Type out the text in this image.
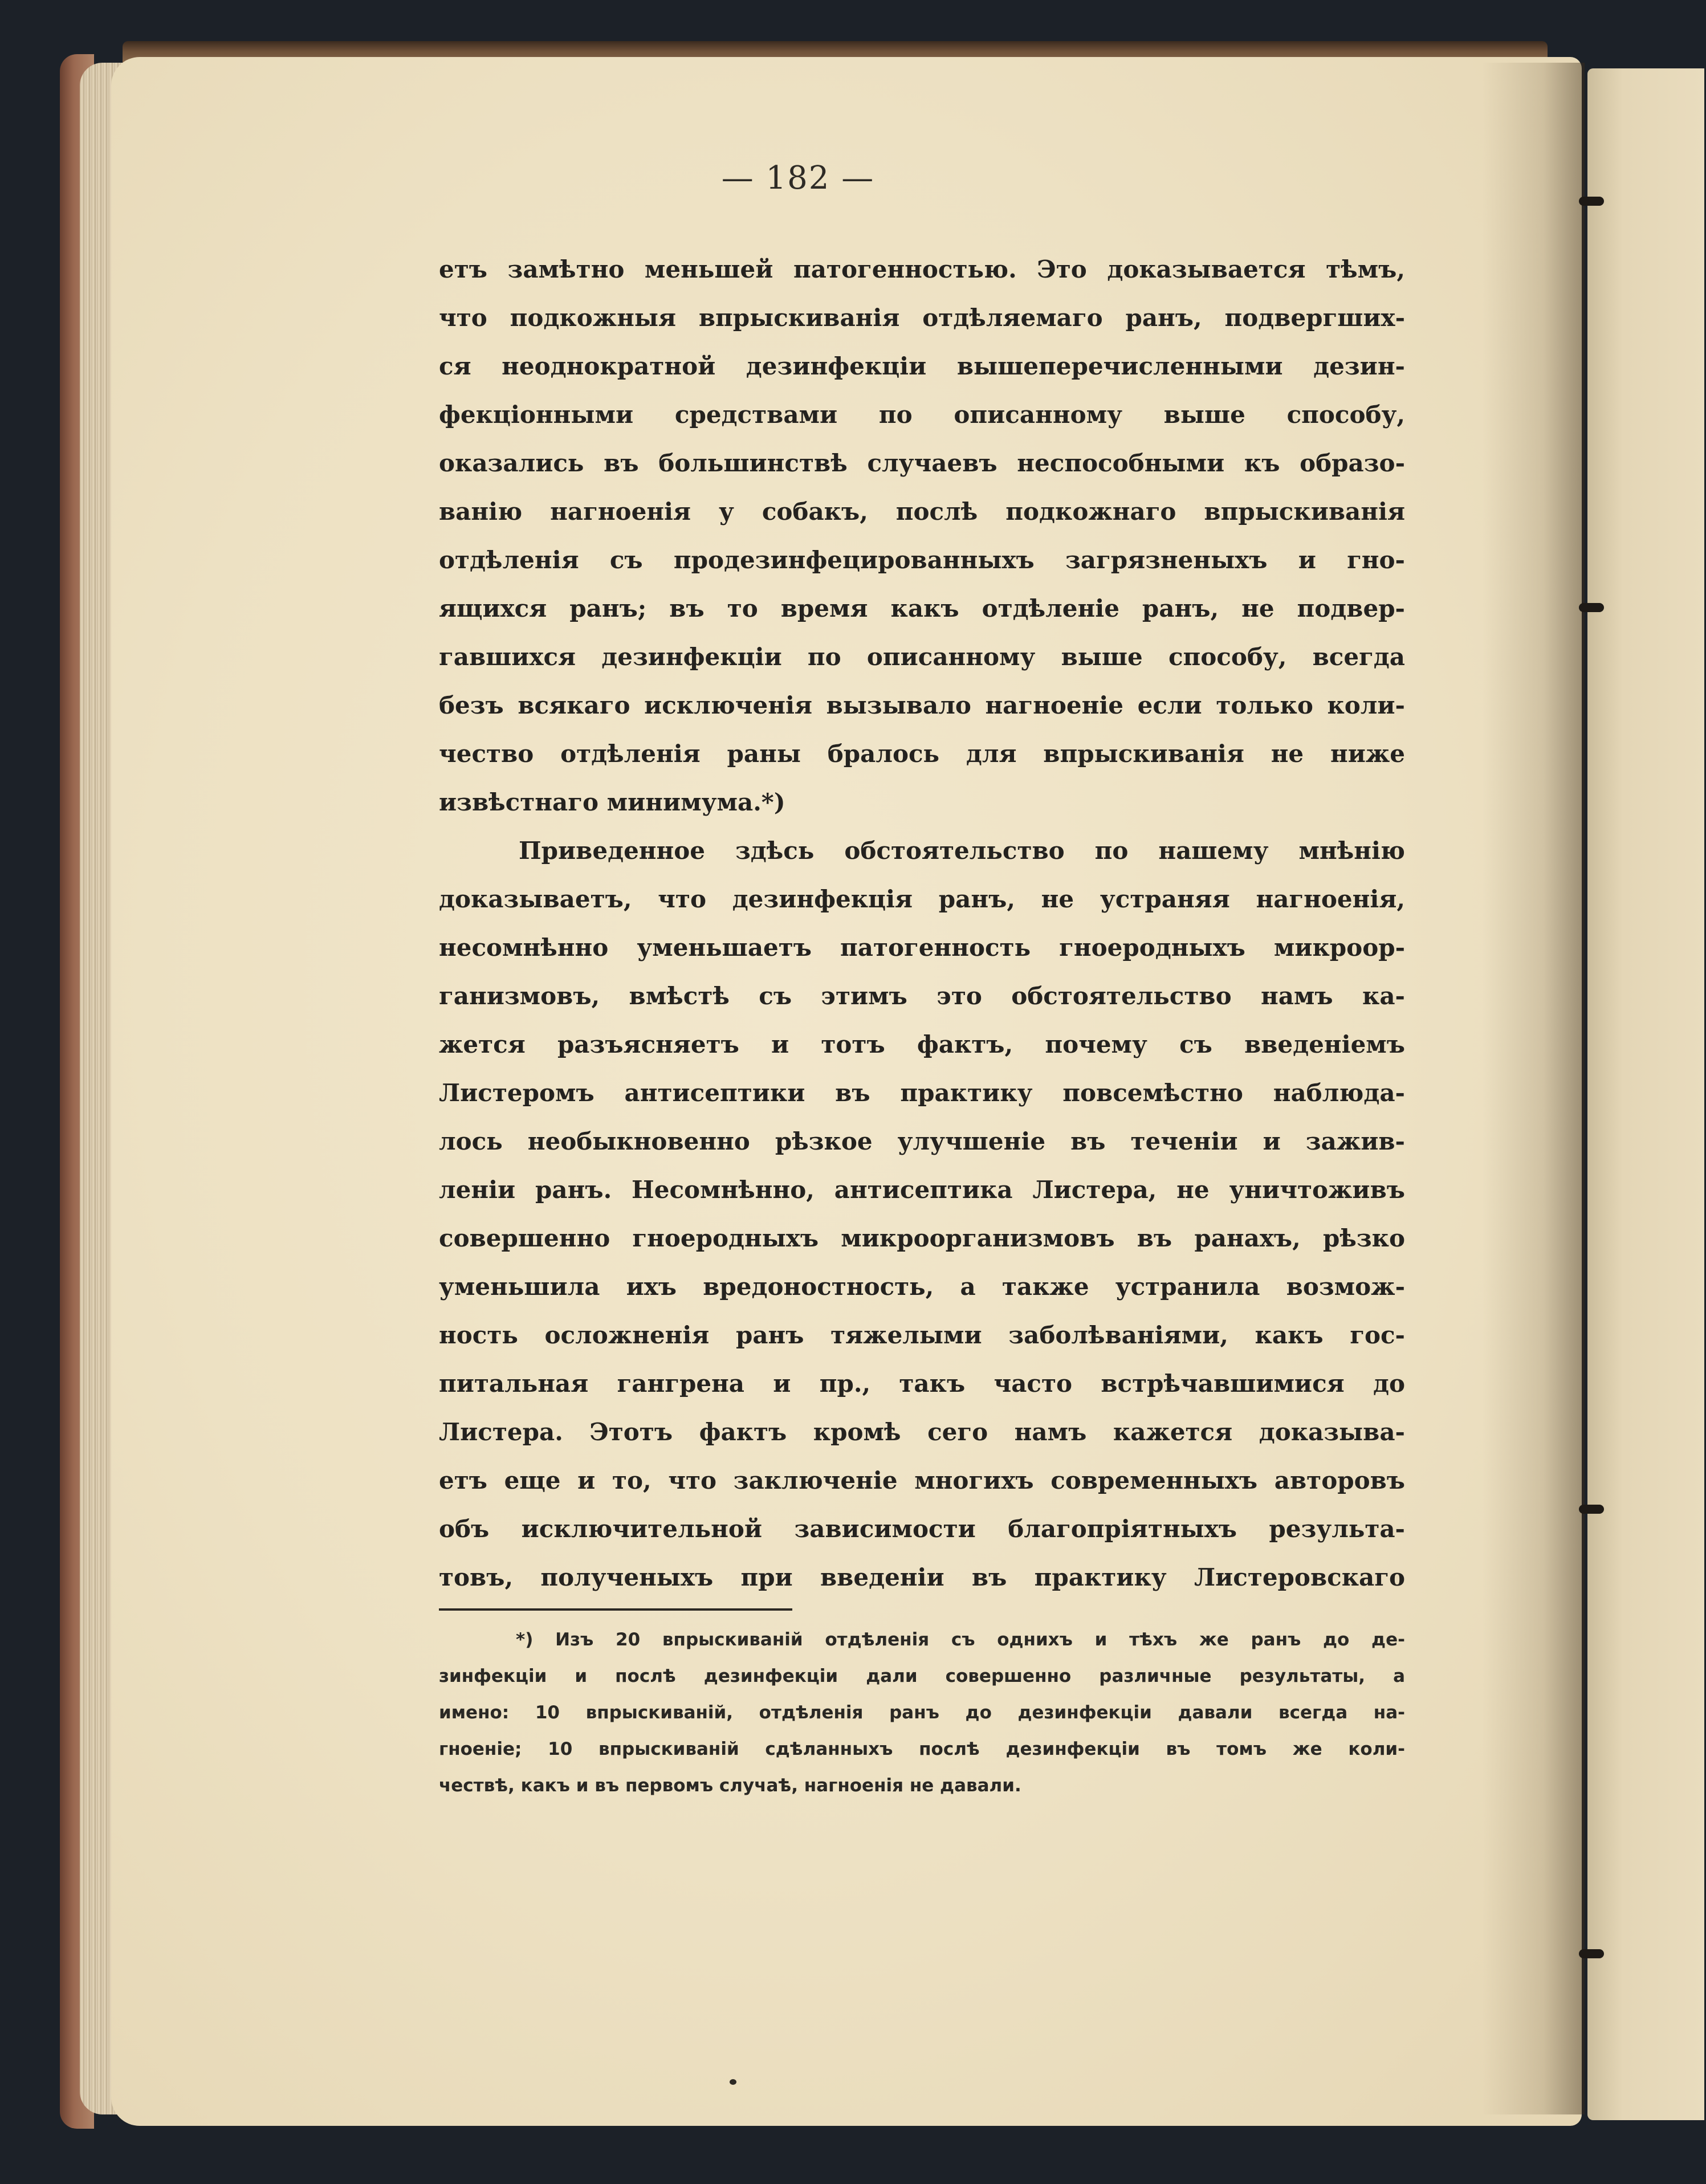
— 182 —
етъ замѣтно меньшей патогенностью. Это доказывается тѣмъ,
что подкожныя впрыскиванія отдѣляемаго ранъ, подвергших-
ся неоднократной дезинфекціи вышеперечисленными дезин-
фекціонными средствами по описанному выше способу,
оказались въ большинствѣ случаевъ неспособными къ образо-
ванію нагноенія у собакъ, послѣ подкожнаго впрыскиванія
отдѣленія съ продезинфецированныхъ загрязненыхъ и гно-
ящихся ранъ; въ то время какъ отдѣленіе ранъ, не подвер-
гавшихся дезинфекціи по описанному выше способу, всегда
безъ всякаго исключенія вызывало нагноеніе если только коли-
чество отдѣленія раны бралось для впрыскиванія не ниже
извѣстнаго минимума.*)
Приведенное здѣсь обстоятельство по нашему мнѣнію
доказываетъ, что дезинфекція ранъ, не устраняя нагноенія,
несомнѣнно уменьшаетъ патогенность гноеродныхъ микроор-
ганизмовъ, вмѣстѣ съ этимъ это обстоятельство намъ ка-
жется разъясняетъ и тотъ фактъ, почему съ введеніемъ
Листеромъ антисептики въ практику повсемѣстно наблюда-
лось необыкновенно рѣзкое улучшеніе въ теченіи и зажив-
леніи ранъ. Несомнѣнно, антисептика Листера, не уничтоживъ
совершенно гноеродныхъ микроорганизмовъ въ ранахъ, рѣзко
уменьшила ихъ вредоностность, а также устранила возмож-
ность осложненія ранъ тяжелыми заболѣваніями, какъ гос-
питальная гангрена и пр., такъ часто встрѣчавшимися до
Листера. Этотъ фактъ кромѣ сего намъ кажется доказыва-
етъ еще и то, что заключеніе многихъ современныхъ авторовъ
объ исключительной зависимости благопріятныхъ результа-
товъ, полученыхъ при введеніи въ практику Листеровскаго
*) Изъ 20 впрыскиваній отдѣленія съ однихъ и тѣхъ же ранъ до де-
зинфекціи и послѣ дезинфекціи дали совершенно различные результаты, а
имено: 10 впрыскиваній, отдѣленія ранъ до дезинфекціи давали всегда на-
гноеніе; 10 впрыскиваній сдѣланныхъ послѣ дезинфекціи въ томъ же коли-
чествѣ, какъ и въ первомъ случаѣ, нагноенія не давали.
